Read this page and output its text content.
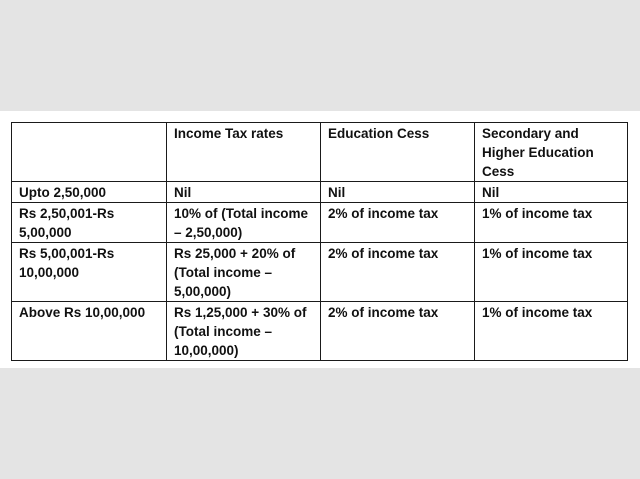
	Income Tax rates	Education Cess	Secondary and Higher Education Cess
Upto 2,50,000	Nil	Nil	Nil
Rs 2,50,001-Rs 5,00,000	10% of (Total income – 2,50,000)	2% of income tax	1% of income tax
Rs 5,00,001-Rs 10,00,000	Rs 25,000 + 20% of (Total income – 5,00,000)	2% of income tax	1% of income tax
Above Rs 10,00,000	Rs 1,25,000 + 30% of (Total income – 10,00,000)	2% of income tax	1% of income tax
